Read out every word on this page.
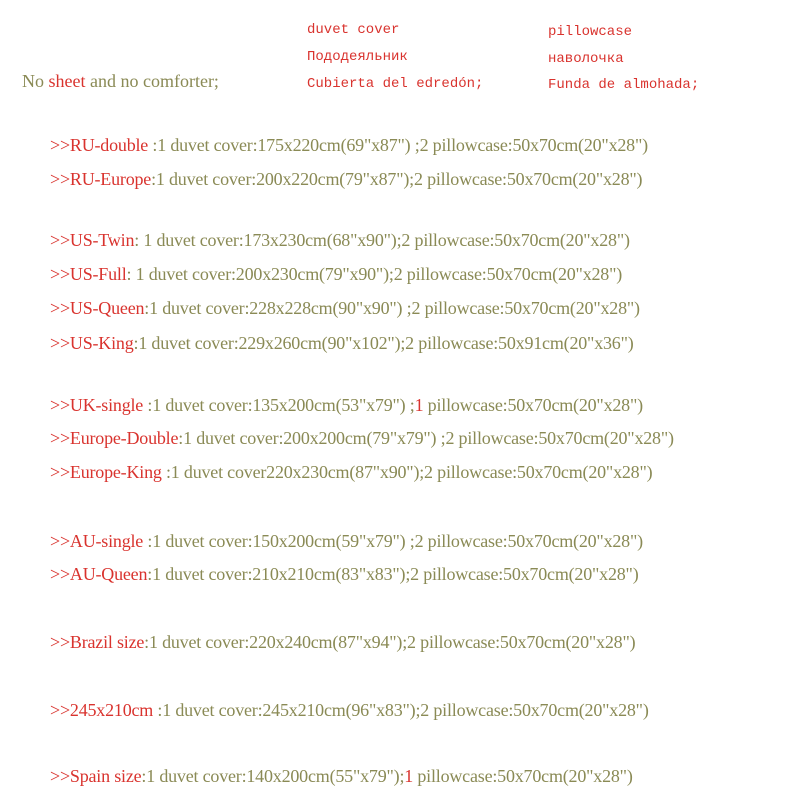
duvet cover
Пододеяльник
Cubierta del edredón;
pillowcase
наволочка
Funda de almohada;
No sheet and no comforter;
>>RU-double :1 duvet cover:175x220cm(69"x87") ;2 pillowcase:50x70cm(20"x28")
>>RU-Europe:1 duvet cover:200x220cm(79"x87");2 pillowcase:50x70cm(20"x28")
>>US-Twin: 1 duvet cover:173x230cm(68"x90");2 pillowcase:50x70cm(20"x28")
>>US-Full: 1 duvet cover:200x230cm(79"x90");2 pillowcase:50x70cm(20"x28")
>>US-Queen:1 duvet cover:228x228cm(90"x90") ;2 pillowcase:50x70cm(20"x28")
>>US-King:1 duvet cover:229x260cm(90"x102");2 pillowcase:50x91cm(20"x36")
>>UK-single :1 duvet cover:135x200cm(53"x79") ;1 pillowcase:50x70cm(20"x28")
>>Europe-Double:1 duvet cover:200x200cm(79"x79") ;2 pillowcase:50x70cm(20"x28")
>>Europe-King :1 duvet cover220x230cm(87"x90");2 pillowcase:50x70cm(20"x28")
>>AU-single :1 duvet cover:150x200cm(59"x79") ;2 pillowcase:50x70cm(20"x28")
>>AU-Queen:1 duvet cover:210x210cm(83"x83");2 pillowcase:50x70cm(20"x28")
>>Brazil size:1 duvet cover:220x240cm(87"x94");2 pillowcase:50x70cm(20"x28")
>>245x210cm :1 duvet cover:245x210cm(96"x83");2 pillowcase:50x70cm(20"x28")
>>Spain size:1 duvet cover:140x200cm(55"x79");1 pillowcase:50x70cm(20"x28")
